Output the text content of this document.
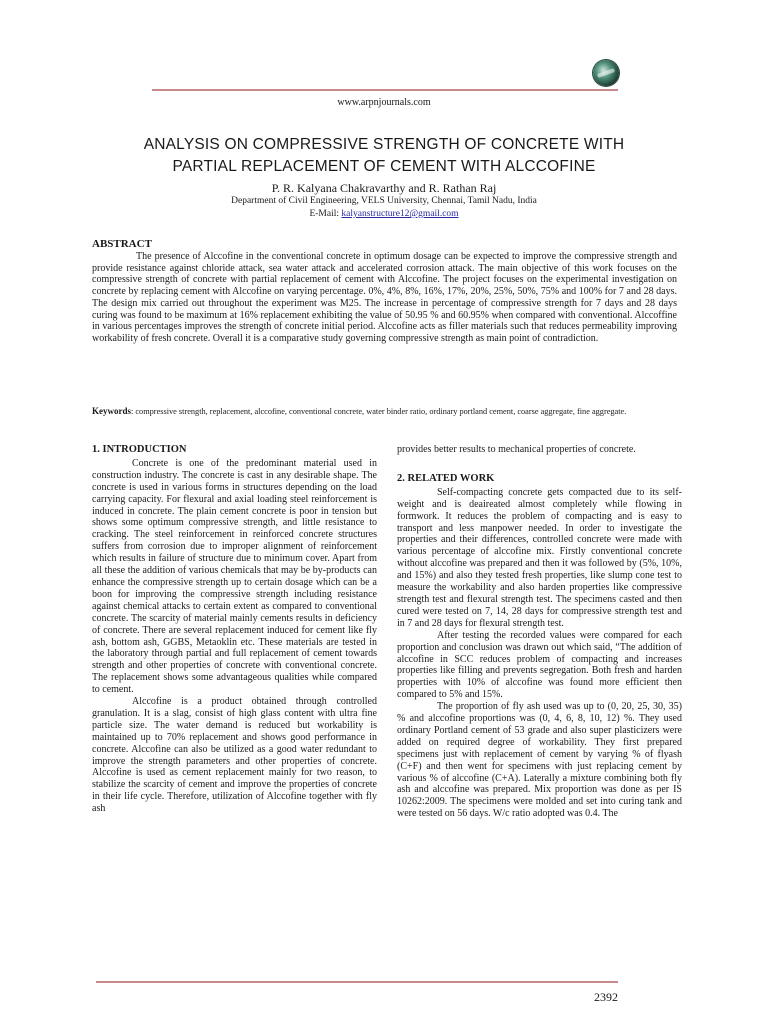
www.arpnjournals.com
ANALYSIS ON COMPRESSIVE STRENGTH OF CONCRETE WITH
PARTIAL REPLACEMENT OF CEMENT WITH ALCCOFINE
P. R. Kalyana Chakravarthy and R. Rathan Raj
Department of Civil Engineering, VELS University, Chennai, Tamil Nadu, India
E-Mail: kalyanstructure12@gmail.com
ABSTRACT
The presence of Alccofine in the conventional concrete in optimum dosage can be expected to improve the compressive strength and provide resistance against chloride attack, sea water attack and accelerated corrosion attack. The main objective of this work focuses on the compressive strength of concrete with partial replacement of cement with Alccofine. The project focuses on the experimental investigation on concrete by replacing cement with Alccofine on varying percentage. 0%, 4%, 8%, 16%, 17%, 20%, 25%, 50%, 75% and 100% for 7 and 28 days. The design mix carried out throughout the experiment was M25. The increase in percentage of compressive strength for 7 days and 28 days curing was found to be maximum at 16% replacement exhibiting the value of 50.95 % and 60.95% when compared with conventional. Alccoffine in various percentages improves the strength of concrete initial period. Alccofine acts as filler materials such that reduces permeability improving workability of fresh concrete. Overall it is a comparative study governing compressive strength as main point of contradiction.
Keywords: compressive strength, replacement, alccofine, conventional concrete, water binder ratio, ordinary portland cement, coarse aggregate, fine aggregate.
1. INTRODUCTION

Concrete is one of the predominant material used in construction industry. The concrete is cast in any desirable shape. The concrete is used in various forms in structures depending on the load carrying capacity. For flexural and axial loading steel reinforcement is induced in concrete. The plain cement concrete is poor in tension but shows some optimum compressive strength, and little resistance to cracking. The steel reinforcement in reinforced concrete structures suffers from corrosion due to improper alignment of reinforcement which results in failure of structure due to minimum cover. Apart from all these the addition of various chemicals that may be by-products can enhance the compressive strength up to certain dosage which can be a boon for improving the compressive strength including resistance against chemical attacks to certain extent as compared to conventional concrete. The scarcity of material mainly cements results in deficiency of concrete. There are several replacement induced for cement like fly ash, bottom ash, GGBS, Metaoklin etc. These materials are tested in the laboratory through partial and full replacement of cement towards strength and other properties of concrete with conventional concrete. The replacement shows some advantageous qualities while compared to cement.

Alccofine is a product obtained through controlled granulation. It is a slag, consist of high glass content with ultra fine particle size. The water demand is reduced but workability is maintained up to 70% replacement and shows good performance in concrete. Alccofine can also be utilized as a good water redundant to improve the strength parameters and other properties of concrete. Alccofine is used as cement replacement mainly for two reason, to stabilize the scarcity of cement and improve the properties of concrete in their life cycle. Therefore, utilization of Alccofine together with fly ash

provides better results to mechanical properties of concrete.

2. RELATED WORK

Self-compacting concrete gets compacted due to its self-weight and is deaireated almost completely while flowing in formwork. It reduces the problem of compacting and is easy to transport and less manpower needed. In order to investigate the properties and their differences, controlled concrete were made with various percentage of alccofine mix. Firstly conventional concrete without alccofine was prepared and then it was followed by (5%, 10%, and 15%) and also they tested fresh properties, like slump cone test to measure the workability and also harden properties like compressive strength test and flexural strength test. The specimens casted and then cured were tested on 7, 14, 28 days for compressive strength test and in 7 and 28 days for flexural strength test.

After testing the recorded values were compared for each proportion and conclusion was drawn out which said, “The addition of alccofine in SCC reduces problem of compacting and increases properties like filling and prevents segregation. Both fresh and harden properties with 10% of alccofine was found more efficient then compared to 5% and 15%.

The proportion of fly ash used was up to (0, 20, 25, 30, 35) % and alccofine proportions was (0, 4, 6, 8, 10, 12) %. They used ordinary Portland cement of 53 grade and also super plasticizers were added on required degree of workability. They first prepared specimens just with replacement of cement by varying % of flyash (C+F) and then went for specimens with just replacing cement by various % of alccofine (C+A). Laterally a mixture combining both fly ash and alccofine was prepared. Mix proportion was done as per IS 10262:2009. The specimens were molded and set into curing tank and were tested on 56 days. W/c ratio adopted was 0.4. The

2392
